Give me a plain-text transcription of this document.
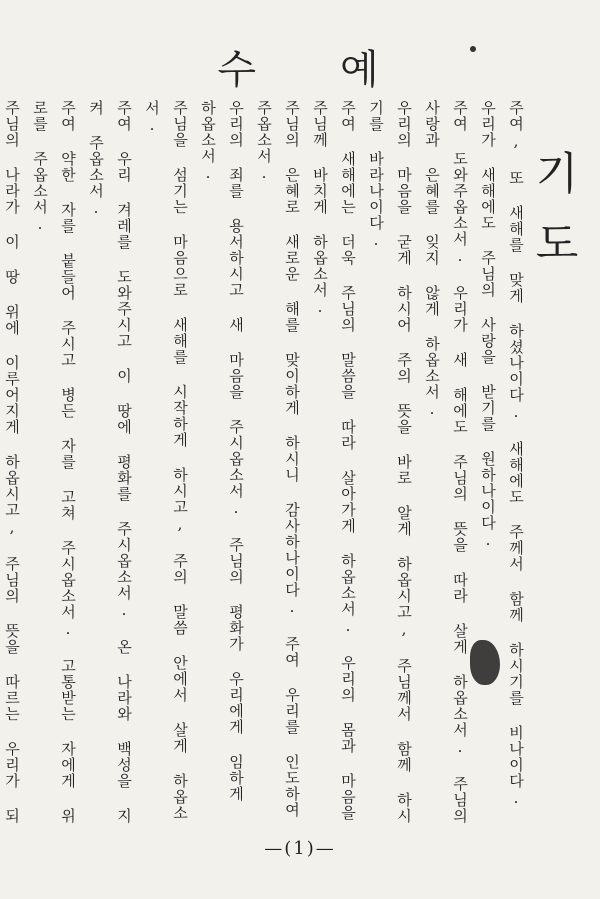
수 예
기도

주여, 또 새해를 맞게 하셨나이다. 새해에도 주께서 함께 하시기를 비나이다. 우리가 새해에도 주님의 사랑을 받기를 원하나이다.

주여 도와주옵소서. 우리가 새 해에도 주님의 뜻을 따라 살게 하옵소서. 주님의 사랑과 은혜를 잊지 않게 하옵소서.

우리의 마음을 굳게 하시어 주의 뜻을 바로 알게 하옵시고, 주님께서 함께 하시기를 바라나이다.

주여 새해에는 더욱 주님의 말씀을 따라 살아가게 하옵소서. 우리의 몸과 마음을 주님께 바치게 하옵소서.

주님의 은혜로 새로운 해를 맞이하게 하시니 감사하나이다. 주여 우리를 인도하여 주옵소서.

우리의 죄를 용서하시고 새 마음을 주시옵소서. 주님의 평화가 우리에게 임하게 하옵소서.

주님을 섬기는 마음으로 새해를 시작하게 하시고, 주의 말씀 안에서 살게 하옵소서.

주여 우리 겨레를 도와주시고 이 땅에 평화를 주시옵소서. 온 나라와 백성을 지켜 주옵소서.

주여 약한 자를 붙들어 주시고 병든 자를 고쳐 주시옵소서. 고통받는 자에게 위로를 주옵소서.

주님의 나라가 이 땅 위에 이루어지게 하옵시고, 주님의 뜻을 따르는 우리가 되

—(1)—
